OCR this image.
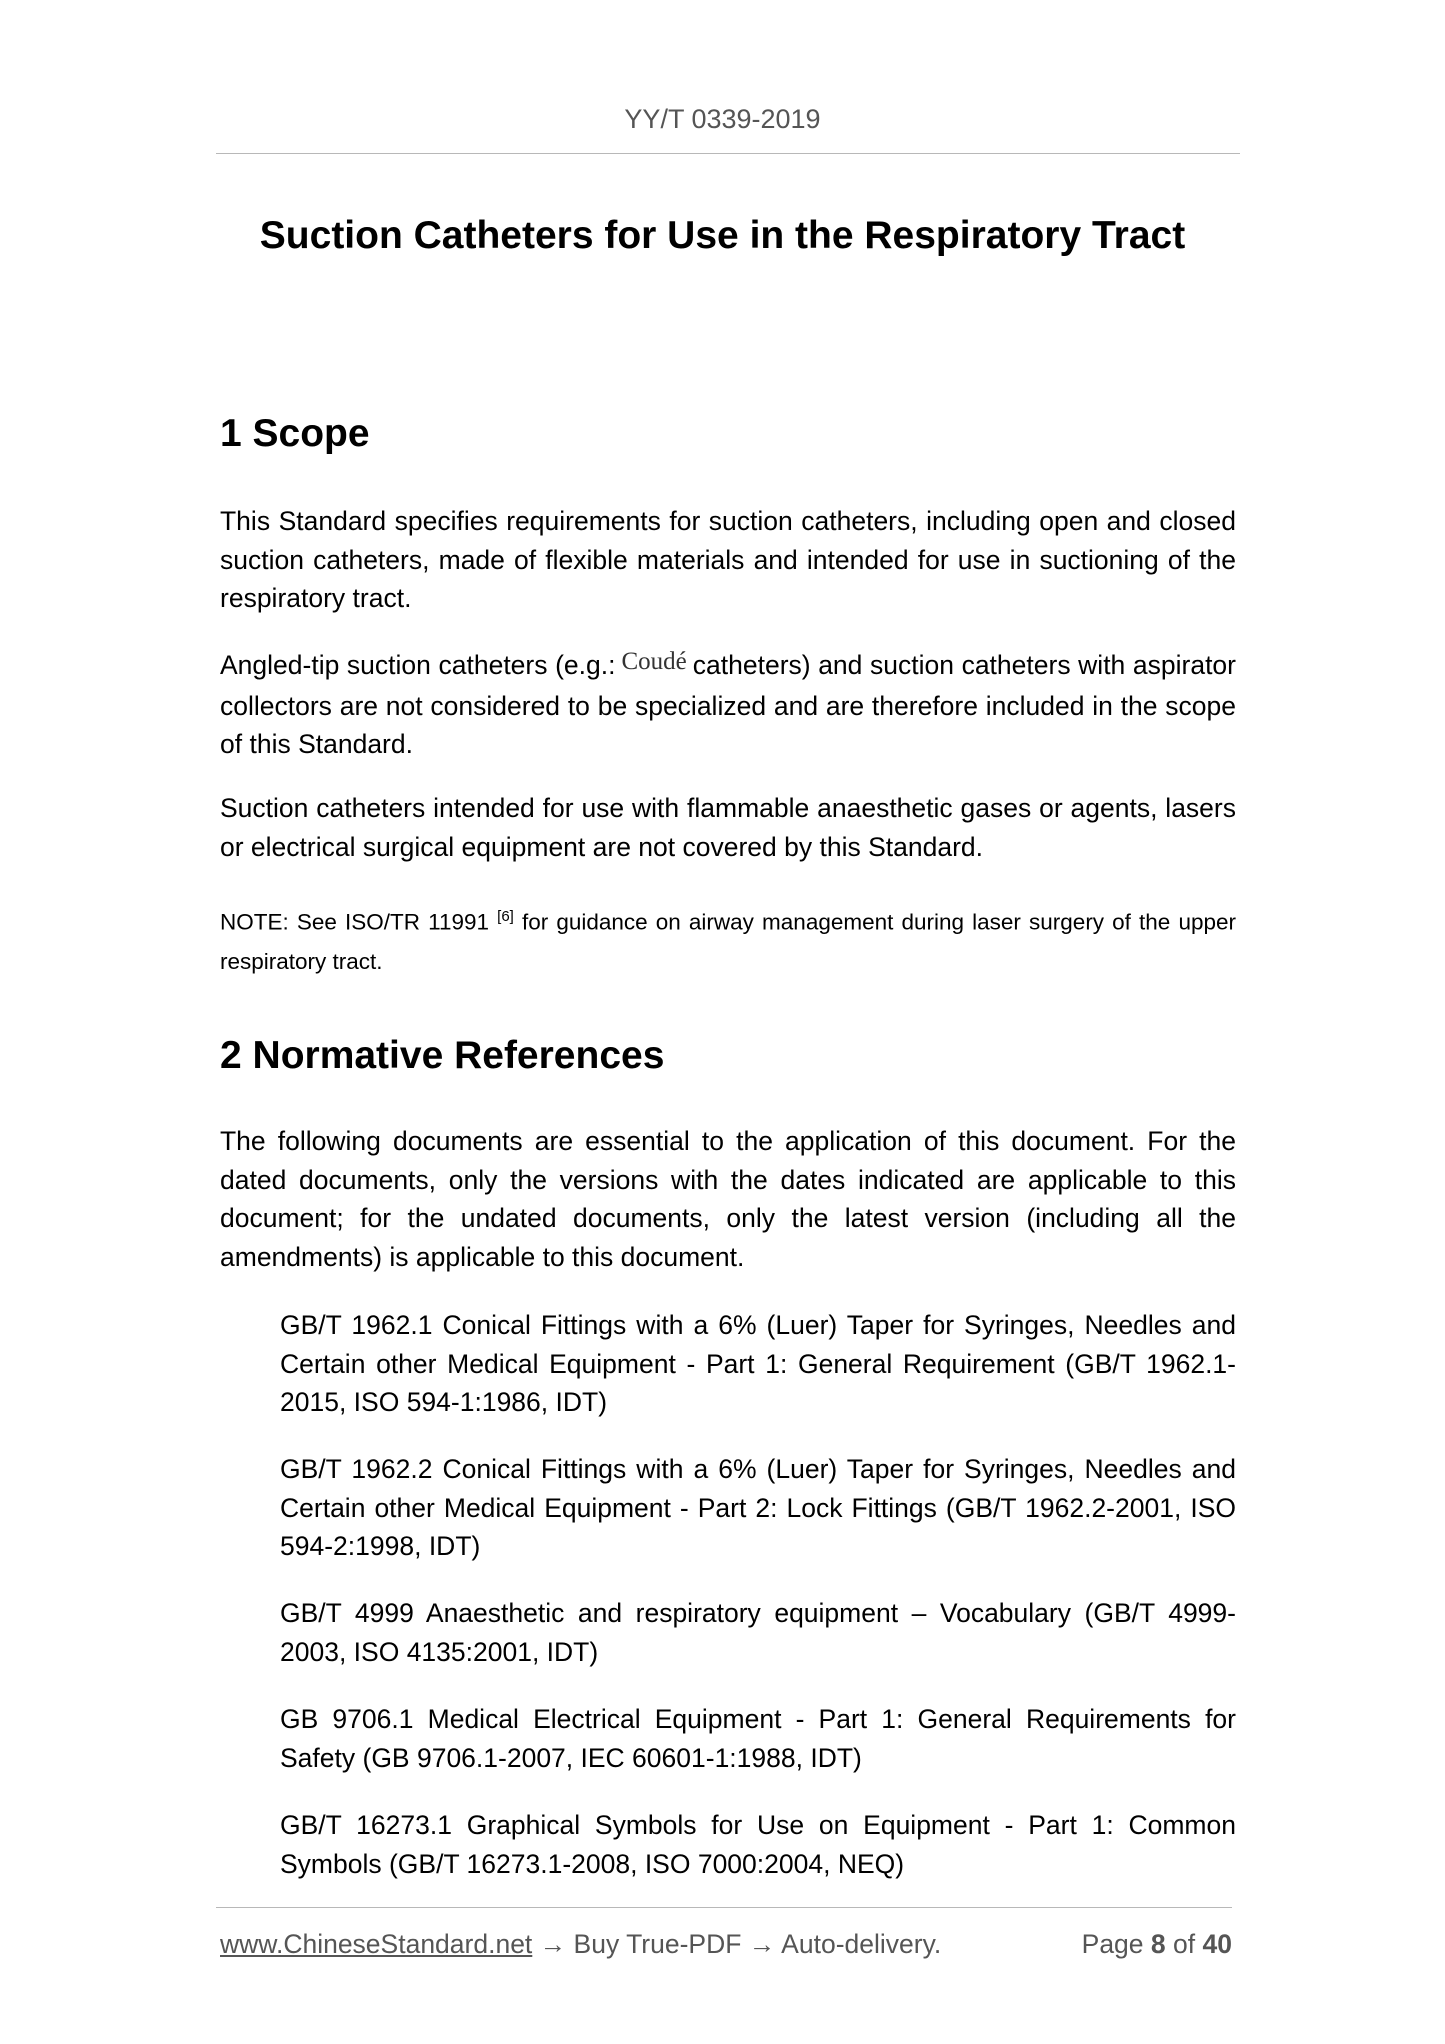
YY/T 0339-2019
Suction Catheters for Use in the Respiratory Tract
1 Scope

This Standard specifies requirements for suction catheters, including open and closed suction catheters, made of flexible materials and intended for use in suctioning of the respiratory tract.

Angled-tip suction catheters (e.g.: Coudé catheters) and suction catheters with aspirator collectors are not considered to be specialized and are therefore included in the scope of this Standard.

Suction catheters intended for use with flammable anaesthetic gases or agents, lasers or electrical surgical equipment are not covered by this Standard.

NOTE: See ISO/TR 11991 [6] for guidance on airway management during laser surgery of the upper respiratory tract.

2 Normative References

The following documents are essential to the application of this document. For the dated documents, only the versions with the dates indicated are applicable to this document; for the undated documents, only the latest version (including all the amendments) is applicable to this document.

GB/T 1962.1 Conical Fittings with a 6% (Luer) Taper for Syringes, Needles and Certain other Medical Equipment - Part 1: General Requirement (GB/T 1962.1-2015, ISO 594-1:1986, IDT)

GB/T 1962.2 Conical Fittings with a 6% (Luer) Taper for Syringes, Needles and Certain other Medical Equipment - Part 2: Lock Fittings (GB/T 1962.2-2001, ISO 594-2:1998, IDT)

GB/T 4999 Anaesthetic and respiratory equipment – Vocabulary (GB/T 4999-2003, ISO 4135:2001, IDT)

GB 9706.1 Medical Electrical Equipment - Part 1: General Requirements for Safety (GB 9706.1-2007, IEC 60601-1:1988, IDT)

GB/T 16273.1 Graphical Symbols for Use on Equipment - Part 1: Common Symbols (GB/T 16273.1-2008, ISO 7000:2004, NEQ)

www.ChineseStandard.net → Buy True-PDF → Auto-delivery.	Page 8 of 40
